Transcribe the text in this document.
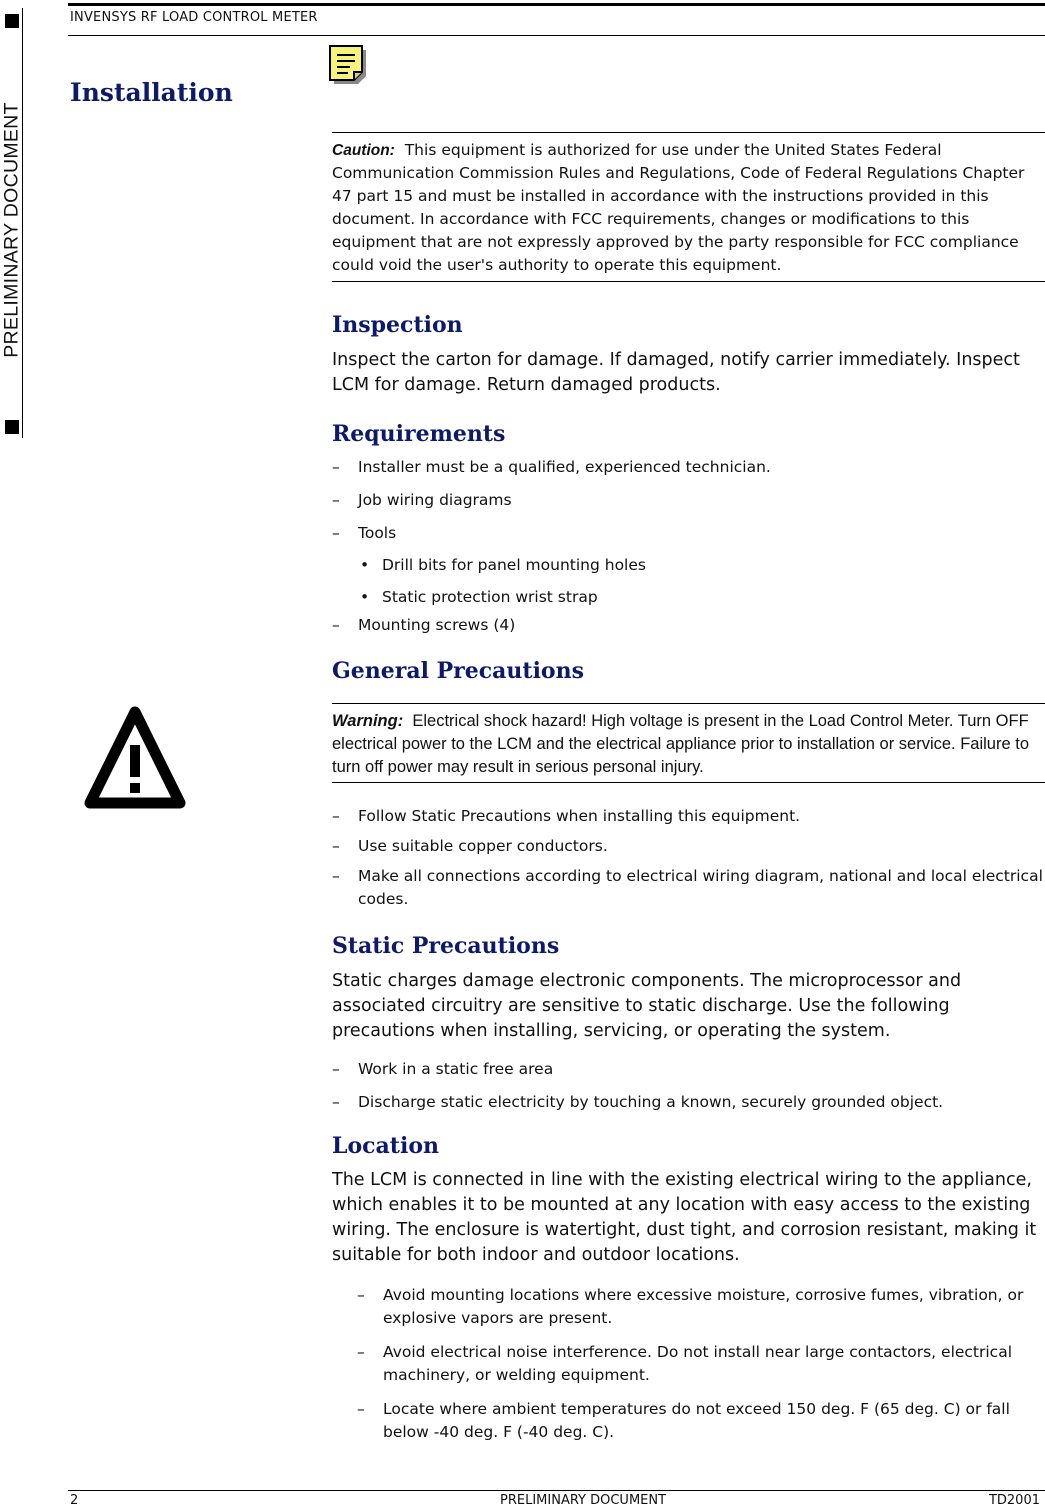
PRELIMINARY DOCUMENT
INVENSYS RF LOAD CONTROL METER
Installation

Caution: This equipment is authorized for use under the United States Federal Communication Commission Rules and Regulations, Code of Federal Regulations Chapter 47 part 15 and must be installed in accordance with the instructions provided in this document. In accordance with FCC requirements, changes or modifications to this equipment that are not expressly approved by the party responsible for FCC compliance could void the user's authority to operate this equipment.

Inspection

Inspect the carton for damage. If damaged, notify carrier immediately. Inspect LCM for damage. Return damaged products.

Requirements
– Installer must be a qualified, experienced technician.
– Job wiring diagrams
– Tools
• Drill bits for panel mounting holes
• Static protection wrist strap
– Mounting screws (4)
General Precautions

Warning: Electrical shock hazard! High voltage is present in the Load Control Meter. Turn OFF electrical power to the LCM and the electrical appliance prior to installation or service. Failure to turn off power may result in serious personal injury.

– Follow Static Precautions when installing this equipment.
– Use suitable copper conductors.
– Make all connections according to electrical wiring diagram, national and local electrical codes.
Static Precautions

Static charges damage electronic components. The microprocessor and associated circuitry are sensitive to static discharge. Use the following precautions when installing, servicing, or operating the system.

– Work in a static free area
– Discharge static electricity by touching a known, securely grounded object.
Location

The LCM is connected in line with the existing electrical wiring to the appliance, which enables it to be mounted at any location with easy access to the existing wiring. The enclosure is watertight, dust tight, and corrosion resistant, making it suitable for both indoor and outdoor locations.

– Avoid mounting locations where excessive moisture, corrosive fumes, vibration, or explosive vapors are present.
– Avoid electrical noise interference. Do not install near large contactors, electrical machinery, or welding equipment.
– Locate where ambient temperatures do not exceed 150 deg. F (65 deg. C) or fall below -40 deg. F (-40 deg. C).
2	PRELIMINARY DOCUMENT	TD2001
